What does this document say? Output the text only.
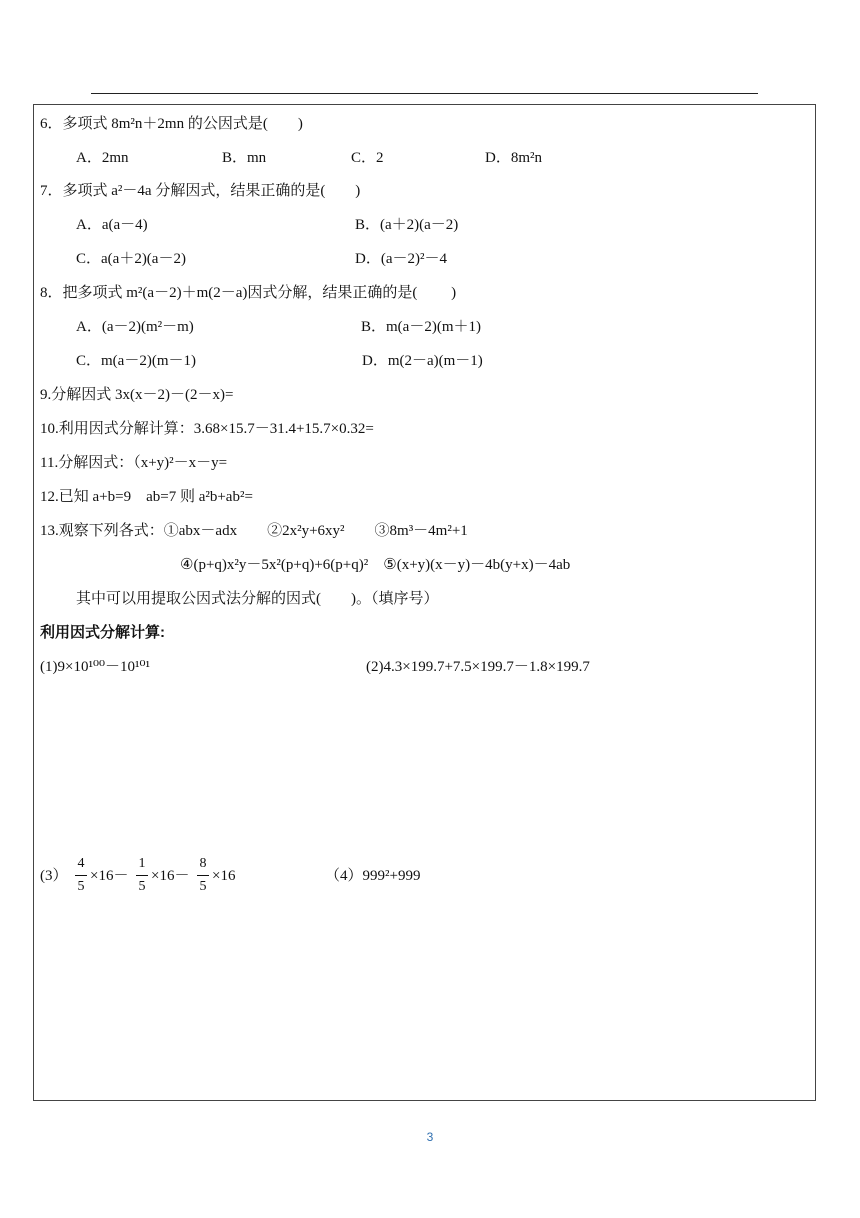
6．多项式 8m²n＋2mn 的公因式是(　　)
A．2mn	B．mn	C．2	D．8m²n
7．多项式 a²－4a 分解因式，结果正确的是(　　)
A．a(a－4)	B．(a＋2)(a－2)
C．a(a＋2)(a－2)	D．(a－2)²－4
8．把多项式 m²(a－2)＋m(2－a)因式分解，结果正确的是(　　 )
A．(a－2)(m²－m)	B．m(a－2)(m＋1)
C．m(a－2)(m－1)	D．m(2－a)(m－1)
9.分解因式 3x(x－2)－(2－x)=
10.利用因式分解计算：3.68×15.7－31.4+15.7×0.32=
11.分解因式：（x+y)²－x－y=
12.已知 a+b=9　ab=7 则 a²b+ab²=
13.观察下列各式：①abx－adx　　②2x²y+6xy²　　③8m³－4m²+1
④(p+q)x²y－5x²(p+q)+6(p+q)²　⑤(x+y)(x－y)－4b(y+x)－4ab
其中可以用提取公因式法分解的因式(　　)。（填序号）
利用因式分解计算:
(1)9×10¹⁰⁰－10¹⁰¹	(2)4.3×199.7+7.5×199.7－1.8×199.7
(3）
4
5
×16－
1
5
×16－
8
5
×16	（4）999²+999
3
